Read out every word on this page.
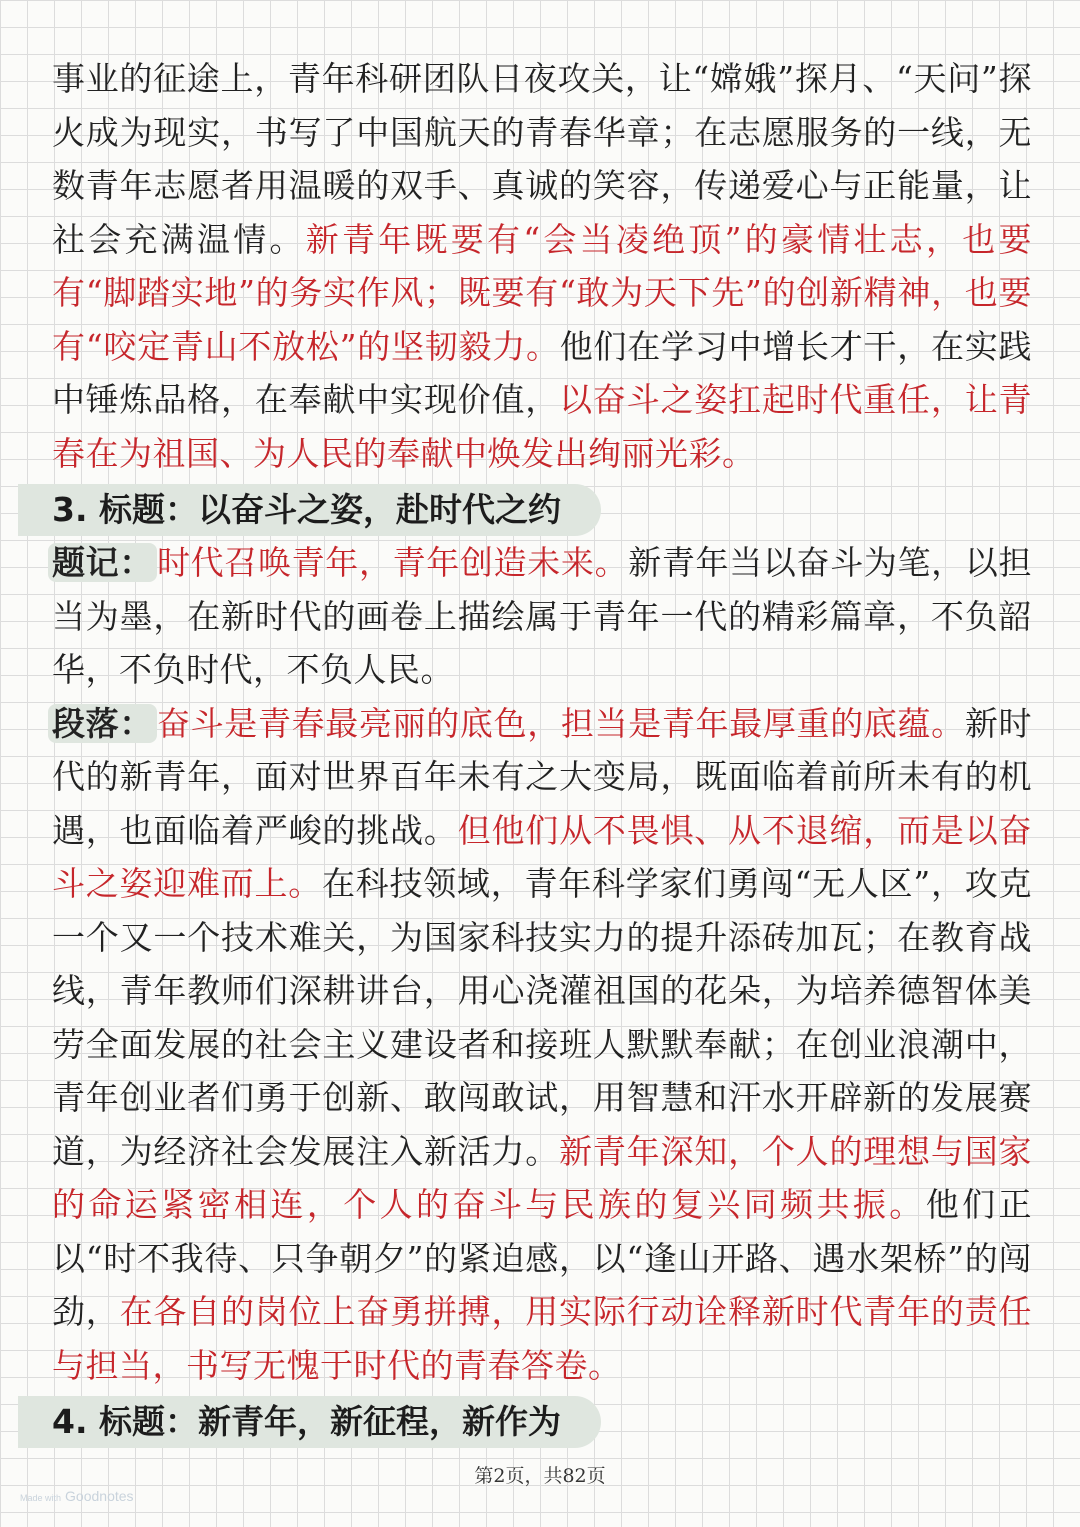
事业的征途上，青年科研团队日夜攻关，让“嫦娥”探月、“天问”探火成为现实，书写了中国航天的青春华章；在志愿服务的一线，无数青年志愿者用温暖的双手、真诚的笑容，传递爱心与正能量，让社会充满温情。新青年既要有“会当凌绝顶”的豪情壮志，也要有“脚踏实地”的务实作风；既要有“敢为天下先”的创新精神，也要有“咬定青山不放松”的坚韧毅力。他们在学习中增长才干，在实践中锤炼品格，在奉献中实现价值，以奋斗之姿扛起时代重任，让青春在为祖国、为人民的奉献中焕发出绚丽光彩。

3. 标题：以奋斗之姿，赴时代之约

题记： 时代召唤青年，青年创造未来。新青年当以奋斗为笔，以担当为墨，在新时代的画卷上描绘属于青年一代的精彩篇章，不负韶华，不负时代，不负人民。

段落： 奋斗是青春最亮丽的底色，担当是青年最厚重的底蕴。新时代的新青年，面对世界百年未有之大变局，既面临着前所未有的机遇，也面临着严峻的挑战。但他们从不畏惧、从不退缩，而是以奋斗之姿迎难而上。在科技领域，青年科学家们勇闯“无人区”，攻克一个又一个技术难关，为国家科技实力的提升添砖加瓦；在教育战线，青年教师们深耕讲台，用心浇灌祖国的花朵，为培养德智体美劳全面发展的社会主义建设者和接班人默默奉献；在创业浪潮中，青年创业者们勇于创新、敢闯敢试，用智慧和汗水开辟新的发展赛道，为经济社会发展注入新活力。新青年深知，个人的理想与国家的命运紧密相连，个人的奋斗与民族的复兴同频共振。他们正以“时不我待、只争朝夕”的紧迫感，以“逢山开路、遇水架桥”的闯劲，在各自的岗位上奋勇拼搏，用实际行动诠释新时代青年的责任与担当，书写无愧于时代的青春答卷。

4. 标题：新青年，新征程，新作为
第2页，共82页
Made with Goodnotes
